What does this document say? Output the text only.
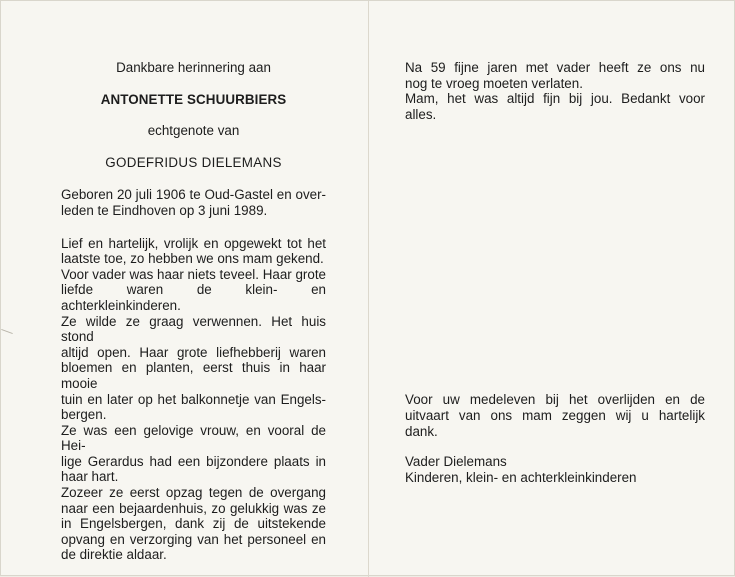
Dankbare herinnering aan
ANTONETTE SCHUURBIERS
echtgenote van
GODEFRIDUS DIELEMANS
Geboren 20 juli 1906 te Oud-Gastel en over-
leden te Eindhoven op 3 juni 1989.
Lief en hartelijk, vrolijk en opgewekt tot het
laatste toe, zo hebben we ons mam gekend.
Voor vader was haar niets teveel. Haar grote
liefde waren de klein- en achterkleinkinderen.
Ze wilde ze graag verwennen. Het huis stond
altijd open. Haar grote liefhebberij waren
bloemen en planten, eerst thuis in haar mooie
tuin en later op het balkonnetje van Engels-
bergen.
Ze was een gelovige vrouw, en vooral de Hei-
lige Gerardus had een bijzondere plaats in
haar hart.
Zozeer ze eerst opzag tegen de overgang
naar een bejaardenhuis, zo gelukkig was ze
in Engelsbergen, dank zij de uitstekende
opvang en verzorging van het personeel en
de direktie aldaar.
Na 59 fijne jaren met vader heeft ze ons nu
nog te vroeg moeten verlaten.
Mam, het was altijd fijn bij jou. Bedankt voor
alles.
Voor uw medeleven bij het overlijden en de
uitvaart van ons mam zeggen wij u hartelijk
dank.
Vader Dielemans
Kinderen, klein- en achterkleinkinderen
